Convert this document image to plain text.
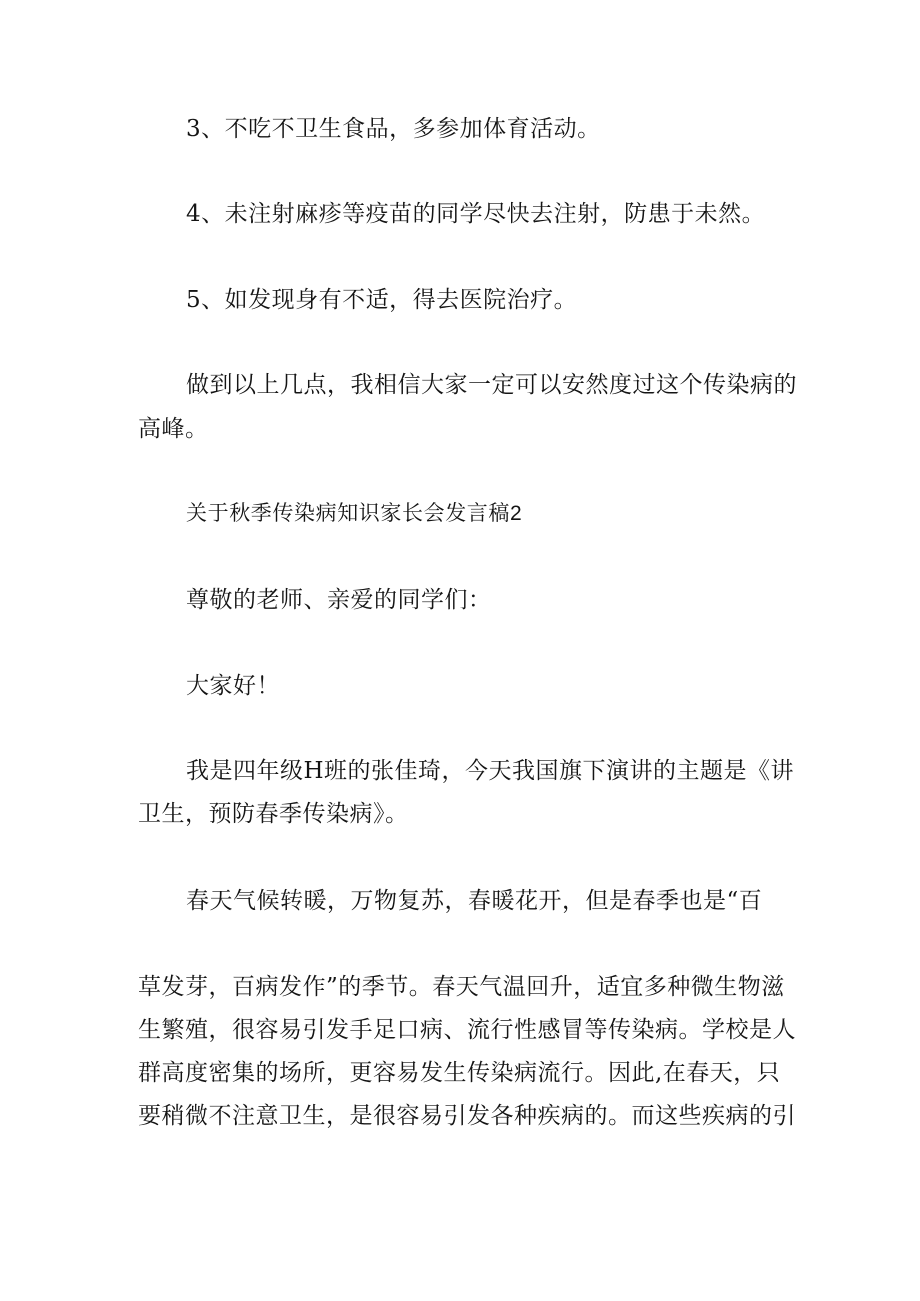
3、不吃不卫生食品，多参加体育活动。

4、未注射麻疹等疫苗的同学尽快去注射，防患于未然。

5、如发现身有不适，得去医院治疗。

做到以上几点，我相信大家一定可以安然度过这个传染病的

高峰。

关于秋季传染病知识家长会发言稿2

尊敬的老师、亲爱的同学们：

大家好！

我是四年级H班的张佳琦，今天我国旗下演讲的主题是《讲

卫生，预防春季传染病》。

春天气候转暖，万物复苏，春暖花开，但是春季也是“百

草发芽，百病发作”的季节。春天气温回升，适宜多种微生物滋

生繁殖，很容易引发手足口病、流行性感冒等传染病。学校是人

群高度密集的场所，更容易发生传染病流行。因此,在春天，只

要稍微不注意卫生，是很容易引发各种疾病的。而这些疾病的引
